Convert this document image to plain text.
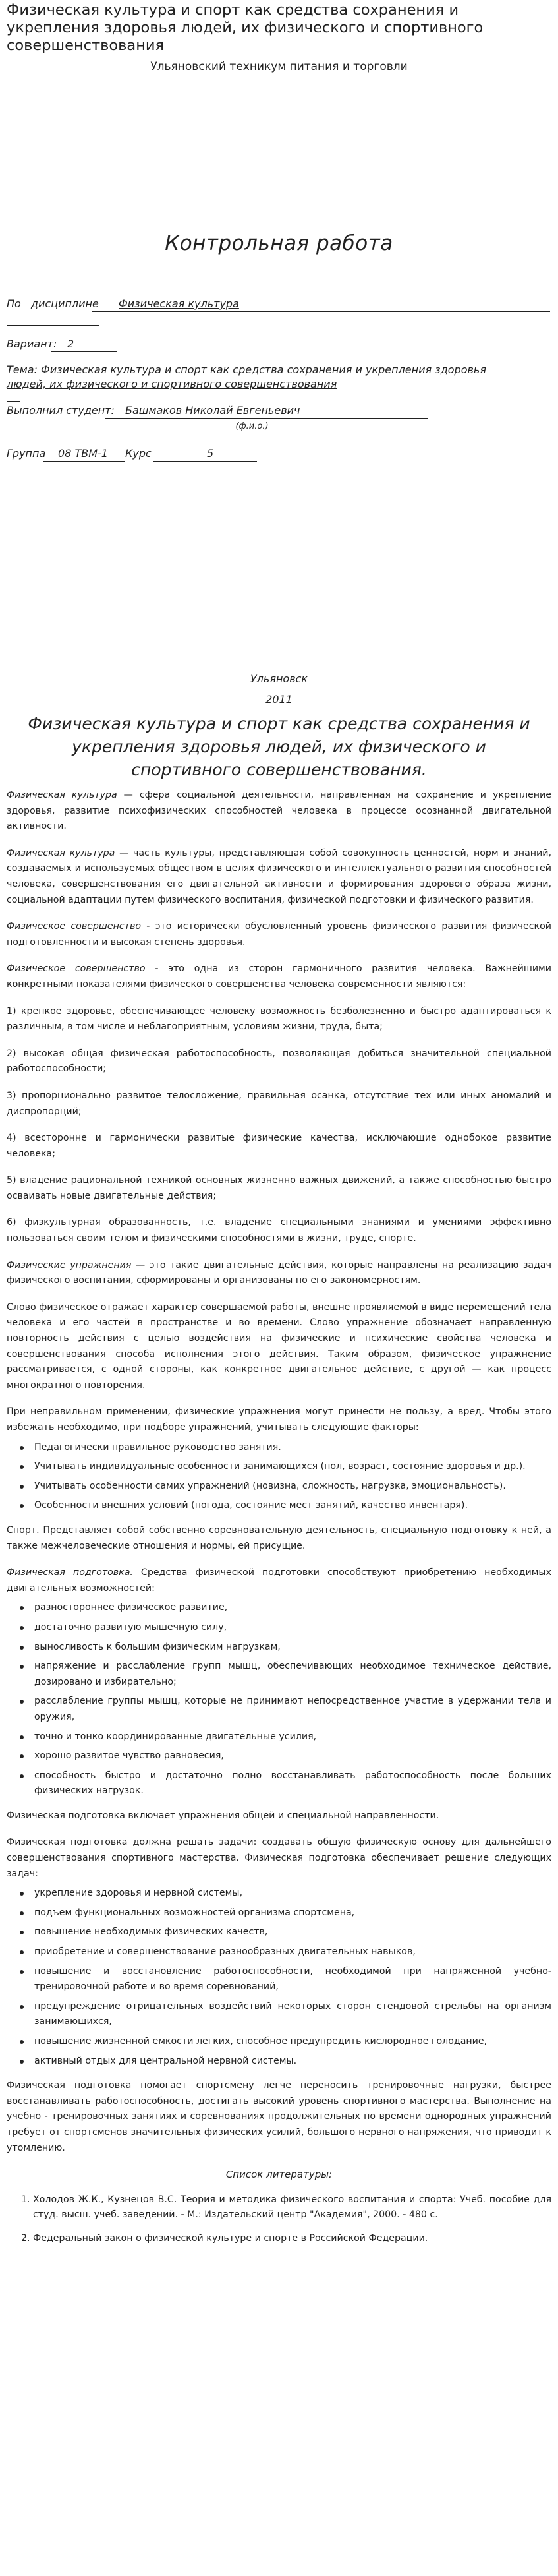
Физическая культура и спорт как средства сохранения и укрепления здоровья людей, их физического и спортивного совершенствования
Ульяновский техникум питания и торговли
Контрольная работа
По дисциплине Физическая культура
Вариант: 2
Тема: Физическая культура и спорт как средства сохранения и укрепления здоровья
людей, их физического и спортивного совершенствования
Выполнил студент: Башмаков Николай Евгеньевич
(ф.и.о.)
Группа 08 ТВМ-1 Курс	5
Ульяновск
2011
Физическая культура и спорт как средства сохранения и укрепления здоровья людей, их физического и спортивного совершенствования.

Физическая культура — сфера социальной деятельности, направленная на сохранение и укрепление здоровья, развитие психофизических способностей человека в процессе осознанной двигательной активности.

Физическая культура — часть культуры, представляющая собой совокупность ценностей, норм и знаний, создаваемых и используемых обществом в целях физического и интеллектуального развития способностей человека, совершенствования его двигательной активности и формирования здорового образа жизни, социальной адаптации путем физического воспитания, физической подготовки и физического развития.

Физическое совершенство - это исторически обусловленный уровень физического развития физической подготовленности и высокая степень здоровья.

Физическое совершенство - это одна из сторон гармоничного развития человека. Важнейшими конкретными показателями физического совершенства человека современности являются:

1) крепкое здоровье, обеспечивающее человеку возможность безболезненно и быстро адаптироваться к различным, в том числе и неблагоприятным, условиям жизни, труда, быта;

2) высокая общая физическая работоспособность, позволяющая добиться значительной специальной работоспособности;

3) пропорционально развитое телосложение, правильная осанка, отсутствие тех или иных аномалий и диспропорций;

4) всесторонне и гармонически развитые физические качества, исключающие однобокое развитие человека;

5) владение рациональной техникой основных жизненно важных движений, а также способностью быстро осваивать новые двигательные действия;

6) физкультурная образованность, т.е. владение специальными знаниями и умениями эффективно пользоваться своим телом и физическими способностями в жизни, труде, спорте.

Физические упражнения — это такие двигательные действия, которые направлены на реализацию задач физического воспитания, сформированы и организованы по его закономерностям.

Слово физическое отражает характер совершаемой работы, внешне проявляемой в виде перемещений тела человека и его частей в пространстве и во времени. Слово упражнение обозначает направленную повторность действия с целью воздействия на физические и психические свойства человека и совершенствования способа исполнения этого действия. Таким образом, физическое упражнение рассматривается, с одной стороны, как конкретное двигательное действие, с другой — как процесс многократного повторения.

При неправильном применении, физические упражнения могут принести не пользу, а вред. Чтобы этого избежать необходимо, при подборе упражнений, учитывать следующие факторы:

Педагогически правильное руководство занятия.
Учитывать индивидуальные особенности занимающихся (пол, возраст, состояние здоровья и др.).
Учитывать особенности самих упражнений (новизна, сложность, нагрузка, эмоциональность).
Особенности внешних условий (погода, состояние мест занятий, качество инвентаря).

Спорт. Представляет собой собственно соревновательную деятельность, специальную подготовку к ней, а также межчеловеческие отношения и нормы, ей присущие.

Физическая подготовка. Средства физической подготовки способствуют приобретению необходимых двигательных возможностей:

разностороннее физическое развитие,
достаточно развитую мышечную силу,
выносливость к большим физическим нагрузкам,
напряжение и расслабление групп мышц, обеспечивающих необходимое техническое действие, дозировано и избирательно;
расслабление группы мышц, которые не принимают непосредственное участие в удержании тела и оружия,
точно и тонко координированные двигательные усилия,
хорошо развитое чувство равновесия,
способность быстро и достаточно полно восстанавливать работоспособность после больших физических нагрузок.

Физическая подготовка включает упражнения общей и специальной направленности.

Физическая подготовка должна решать задачи: создавать общую физическую основу для дальнейшего совершенствования спортивного мастерства. Физическая подготовка обеспечивает решение следующих задач:

укрепление здоровья и нервной системы,
подъем функциональных возможностей организма спортсмена,
повышение необходимых физических качеств,
приобретение и совершенствование разнообразных двигательных навыков,
повышение и восстановление работоспособности, необходимой при напряженной учебно-тренировочной работе и во время соревнований,
предупреждение отрицательных воздействий некоторых сторон стендовой стрельбы на организм занимающихся,
повышение жизненной емкости легких, способное предупредить кислородное голодание,
активный отдых для центральной нервной системы.

Физическая подготовка помогает спортсмену легче переносить тренировочные нагрузки, быстрее восстанавливать работоспособность, достигать высокий уровень спортивного мастерства. Выполнение на учебно - тренировочных занятиях и соревнованиях продолжительных по времени однородных упражнений требует от спортсменов значительных физических усилий, большого нервного напряжения, что приводит к утомлению.

Список литературы:
1. Холодов Ж.К., Кузнецов В.С. Теория и методика физического воспитания и спорта: Учеб. пособие для студ. высш. учеб. заведений. - М.: Издательский центр "Академия", 2000. - 480 с.
2. Федеральный закон о физической культуре и спорте в Российской Федерации.
